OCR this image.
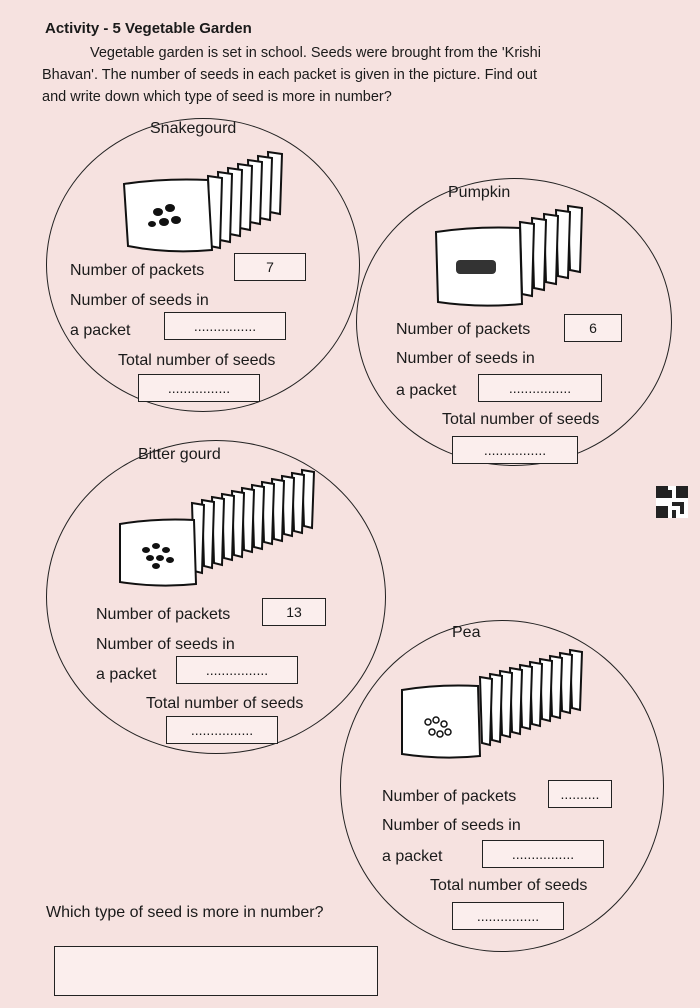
Activity - 5 Vegetable Garden
Vegetable garden is set in school. Seeds were brought from the 'Krishi
Bhavan'. The number of seeds in each packet is given in the picture. Find out
and write down which type of seed is more in number?
Snakegourd
Number of packets	7
Number of seeds in
a packet	................
Total number of seeds
................
Pumpkin
Number of packets	6
Number of seeds in
a packet	................
Total number of seeds
................
Bitter gourd
Number of packets	13
Number of seeds in
a packet	................
Total number of seeds
................
Pea
Number of packets	..........
Number of seeds in
a packet	................
Total number of seeds
................
Which type of seed is more in number?
